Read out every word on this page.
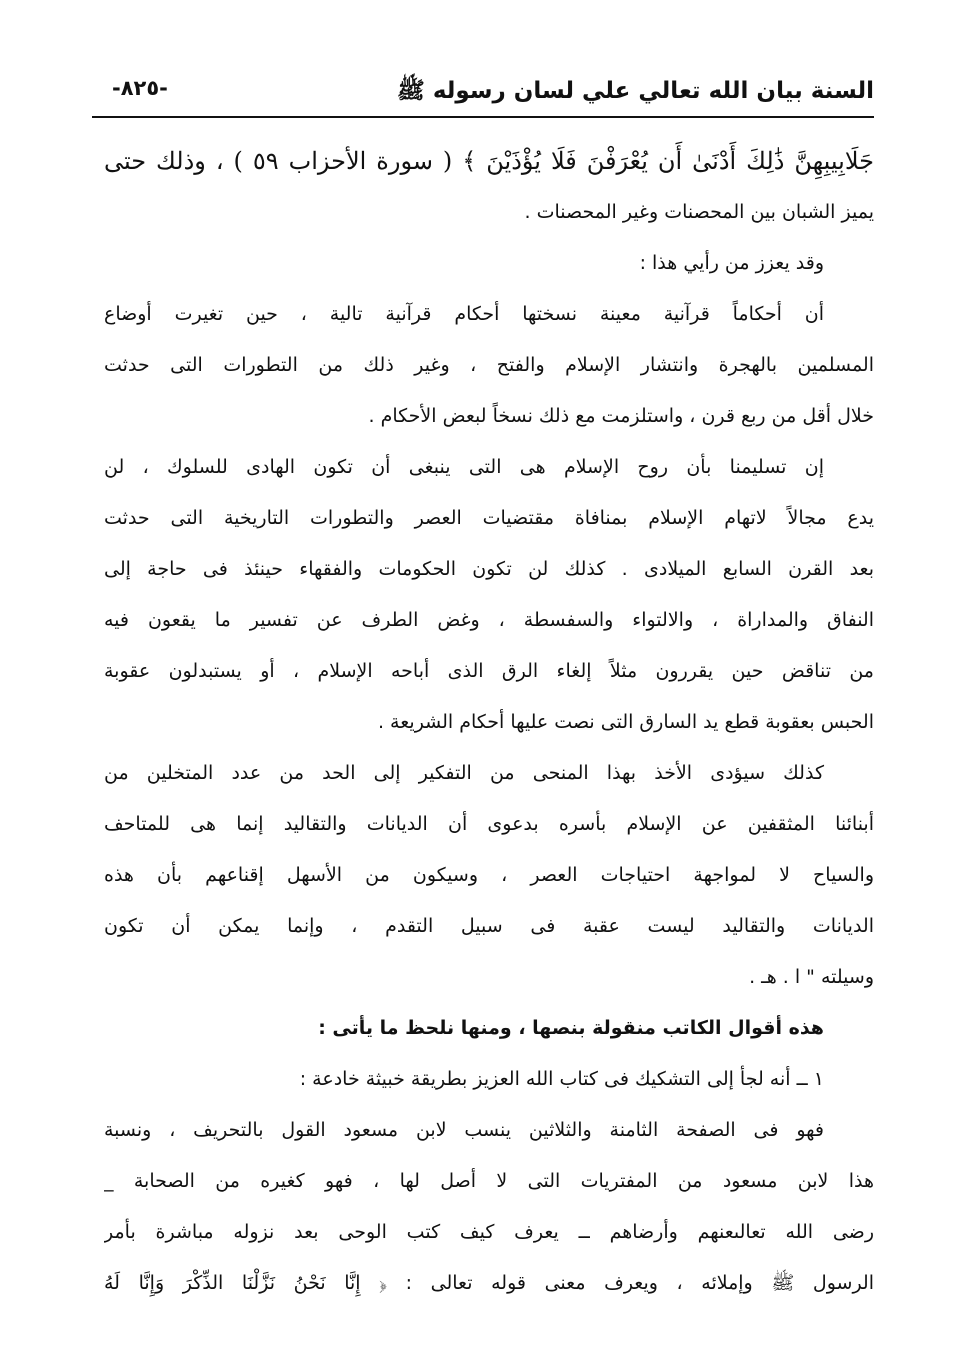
السنة بيان الله تعالي علي لسان رسوله ﷺ
-٨٢٥-
جَلَابِيبِهِنَّ ذَٰلِكَ أَدْنَىٰ أَن يُعْرَفْنَ فَلَا يُؤْذَيْنَ ﴾ ( سورة الأحزاب ٥٩ ) ، وذلك حتى
يميز الشبان بين المحصنات وغير المحصنات .
وقد يعزز من رأيي هذا :
أن أحكاماً قرآنية معينة نسختها أحكام قرآنية تالية ، حين تغيرت أوضاع
المسلمين بالهجرة وانتشار الإسلام والفتح ، وغير ذلك من التطورات التى حدثت
خلال أقل من ربع قرن ، واستلزمت مع ذلك نسخاً لبعض الأحكام .
إن تسليمنا بأن روح الإسلام هى التى ينبغى أن تكون الهادى للسلوك ، لن
يدع مجالاً لاتهام الإسلام بمنافاة مقتضيات العصر والتطورات التاريخية التى حدثت
بعد القرن السابع الميلادى . كذلك لن تكون الحكومات والفقهاء حينئذ فى حاجة إلى
النفاق والمداراة ، والالتواء والسفسطة ، وغض الطرف عن تفسير ما يقعون فيه
من تناقض حين يقررون مثلاً إلغاء الرق الذى أباحه الإسلام ، أو يستبدلون عقوبة
الحبس بعقوبة قطع يد السارق التى نصت عليها أحكام الشريعة .
كذلك سيؤدى الأخذ بهذا المنحى من التفكير إلى الحد من عدد المتخلين من
أبنائنا المثقفين عن الإسلام بأسره بدعوى أن الديانات والتقاليد إنما هى للمتاحف
والسياح لا لمواجهة احتياجات العصر ، وسيكون من الأسهل إقناعهم بأن هذه
الديانات والتقاليد ليست عقبة فى سبيل التقدم ، وإنما يمكن أن تكون
وسيلته " ا . هـ .
هذه أقوال الكاتب منقولة بنصها ، ومنها نلحظ ما يأتى :
١ ــ أنه لجأ إلى التشكيك فى كتاب الله العزيز بطريقة خبيثة خادعة :
فهو فى الصفحة الثامنة والثلاثين ينسب لابن مسعود القول بالتحريف ، ونسبة
هذا لابن مسعود من المفتريات التى لا أصل لها ، فهو كغيره من الصحابة _
رضى الله تعالىعنهم وأرضاهم ــ يعرف كيف كتب الوحى بعد نزوله مباشرة بأمر
الرسول ﷺ وإملائه ، ويعرف معنى قوله تعالى : ﴿ إِنَّا نَحْنُ نَزَّلْنَا الذِّكْرَ وَإِنَّا لَهُ
